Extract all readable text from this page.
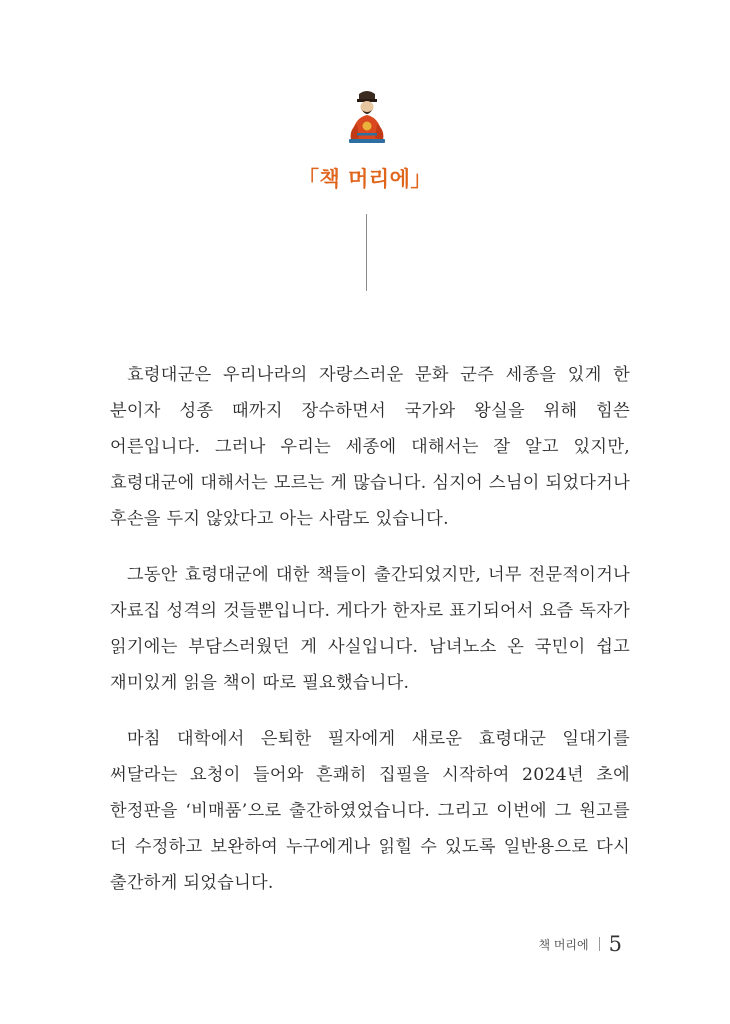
「책 머리에」

효령대군은 우리나라의 자랑스러운 문화 군주 세종을 있게 한 분이자 성종 때까지 장수하면서 국가와 왕실을 위해 힘쓴 어른입니다. 그러나 우리는 세종에 대해서는 잘 알고 있지만, 효령대군에 대해서는 모르는 게 많습니다. 심지어 스님이 되었다거나 후손을 두지 않았다고 아는 사람도 있습니다.

그동안 효령대군에 대한 책들이 출간되었지만, 너무 전문적이거나 자료집 성격의 것들뿐입니다. 게다가 한자로 표기되어서 요즘 독자가 읽기에는 부담스러웠던 게 사실입니다. 남녀노소 온 국민이 쉽고 재미있게 읽을 책이 따로 필요했습니다.

마침 대학에서 은퇴한 필자에게 새로운 효령대군 일대기를 써달라는 요청이 들어와 흔쾌히 집필을 시작하여 2024년 초에 한정판을 ‘비매품’으로 출간하였었습니다. 그리고 이번에 그 원고를 더 수정하고 보완하여 누구에게나 읽힐 수 있도록 일반용으로 다시 출간하게 되었습니다.

책 머리에 5
